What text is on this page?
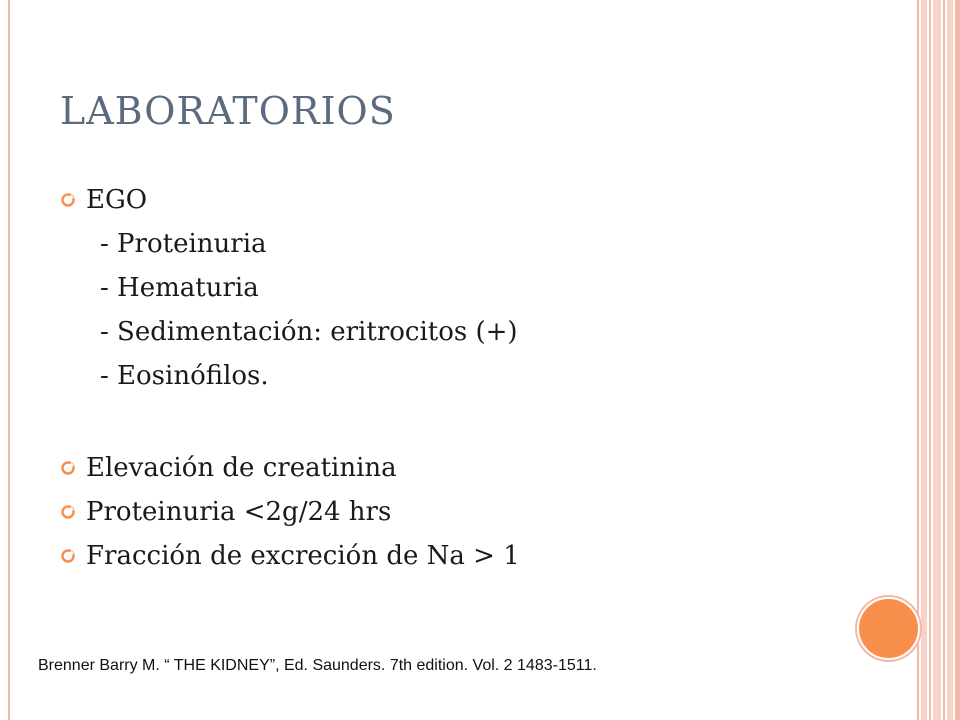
LABORATORIOS
EGO
- Proteinuria
- Hematuria
- Sedimentación: eritrocitos (+)
- Eosinófilos.
Elevación de creatinina
Proteinuria <2g/24 hrs
Fracción de excreción de Na > 1
Brenner Barry M. “ THE KIDNEY”, Ed. Saunders. 7th edition. Vol. 2 1483-1511.
